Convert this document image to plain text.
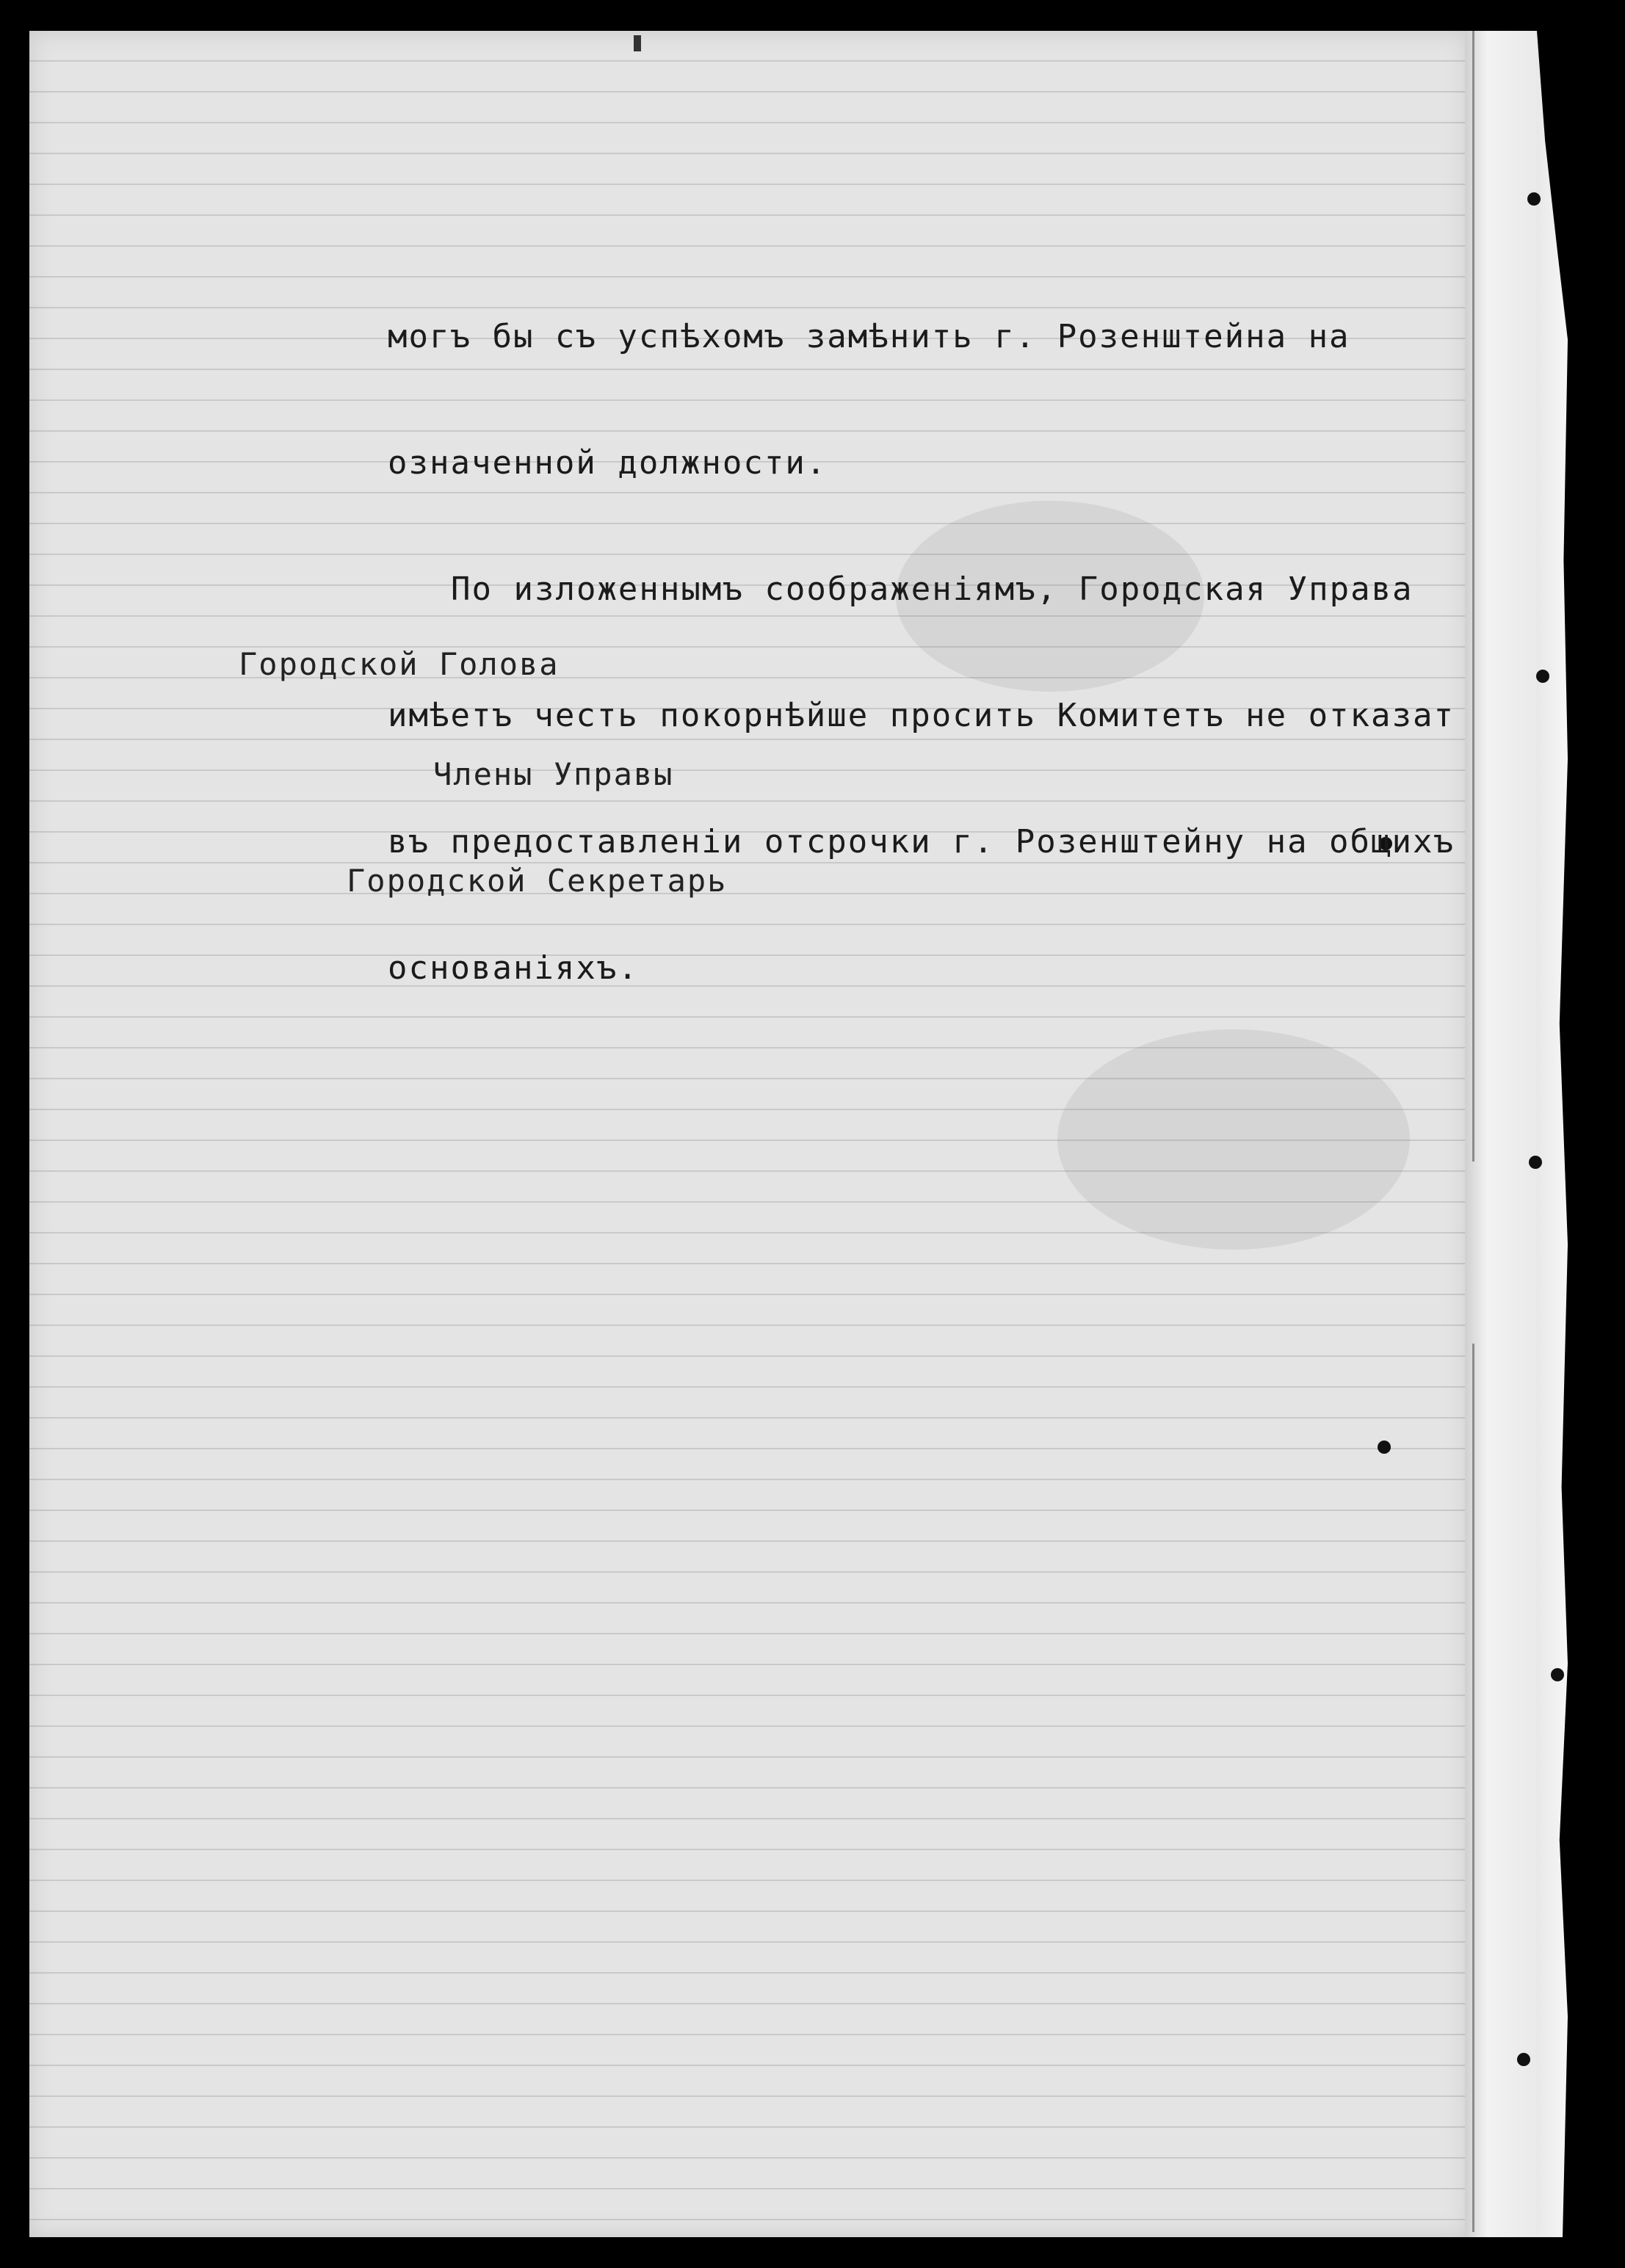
могъ бы съ успѣхомъ замѣнить г. Розенштейна на

означенной должности.

По изложеннымъ соображенiямъ, Городская Управа

имѣетъ честь покорнѣйше просить Комитетъ не отказат

въ предоставленiи отсрочки г. Розенштейну на общихъ

основанiяхъ.

Городской Голова

Члены Управы

Городской Секретарь
